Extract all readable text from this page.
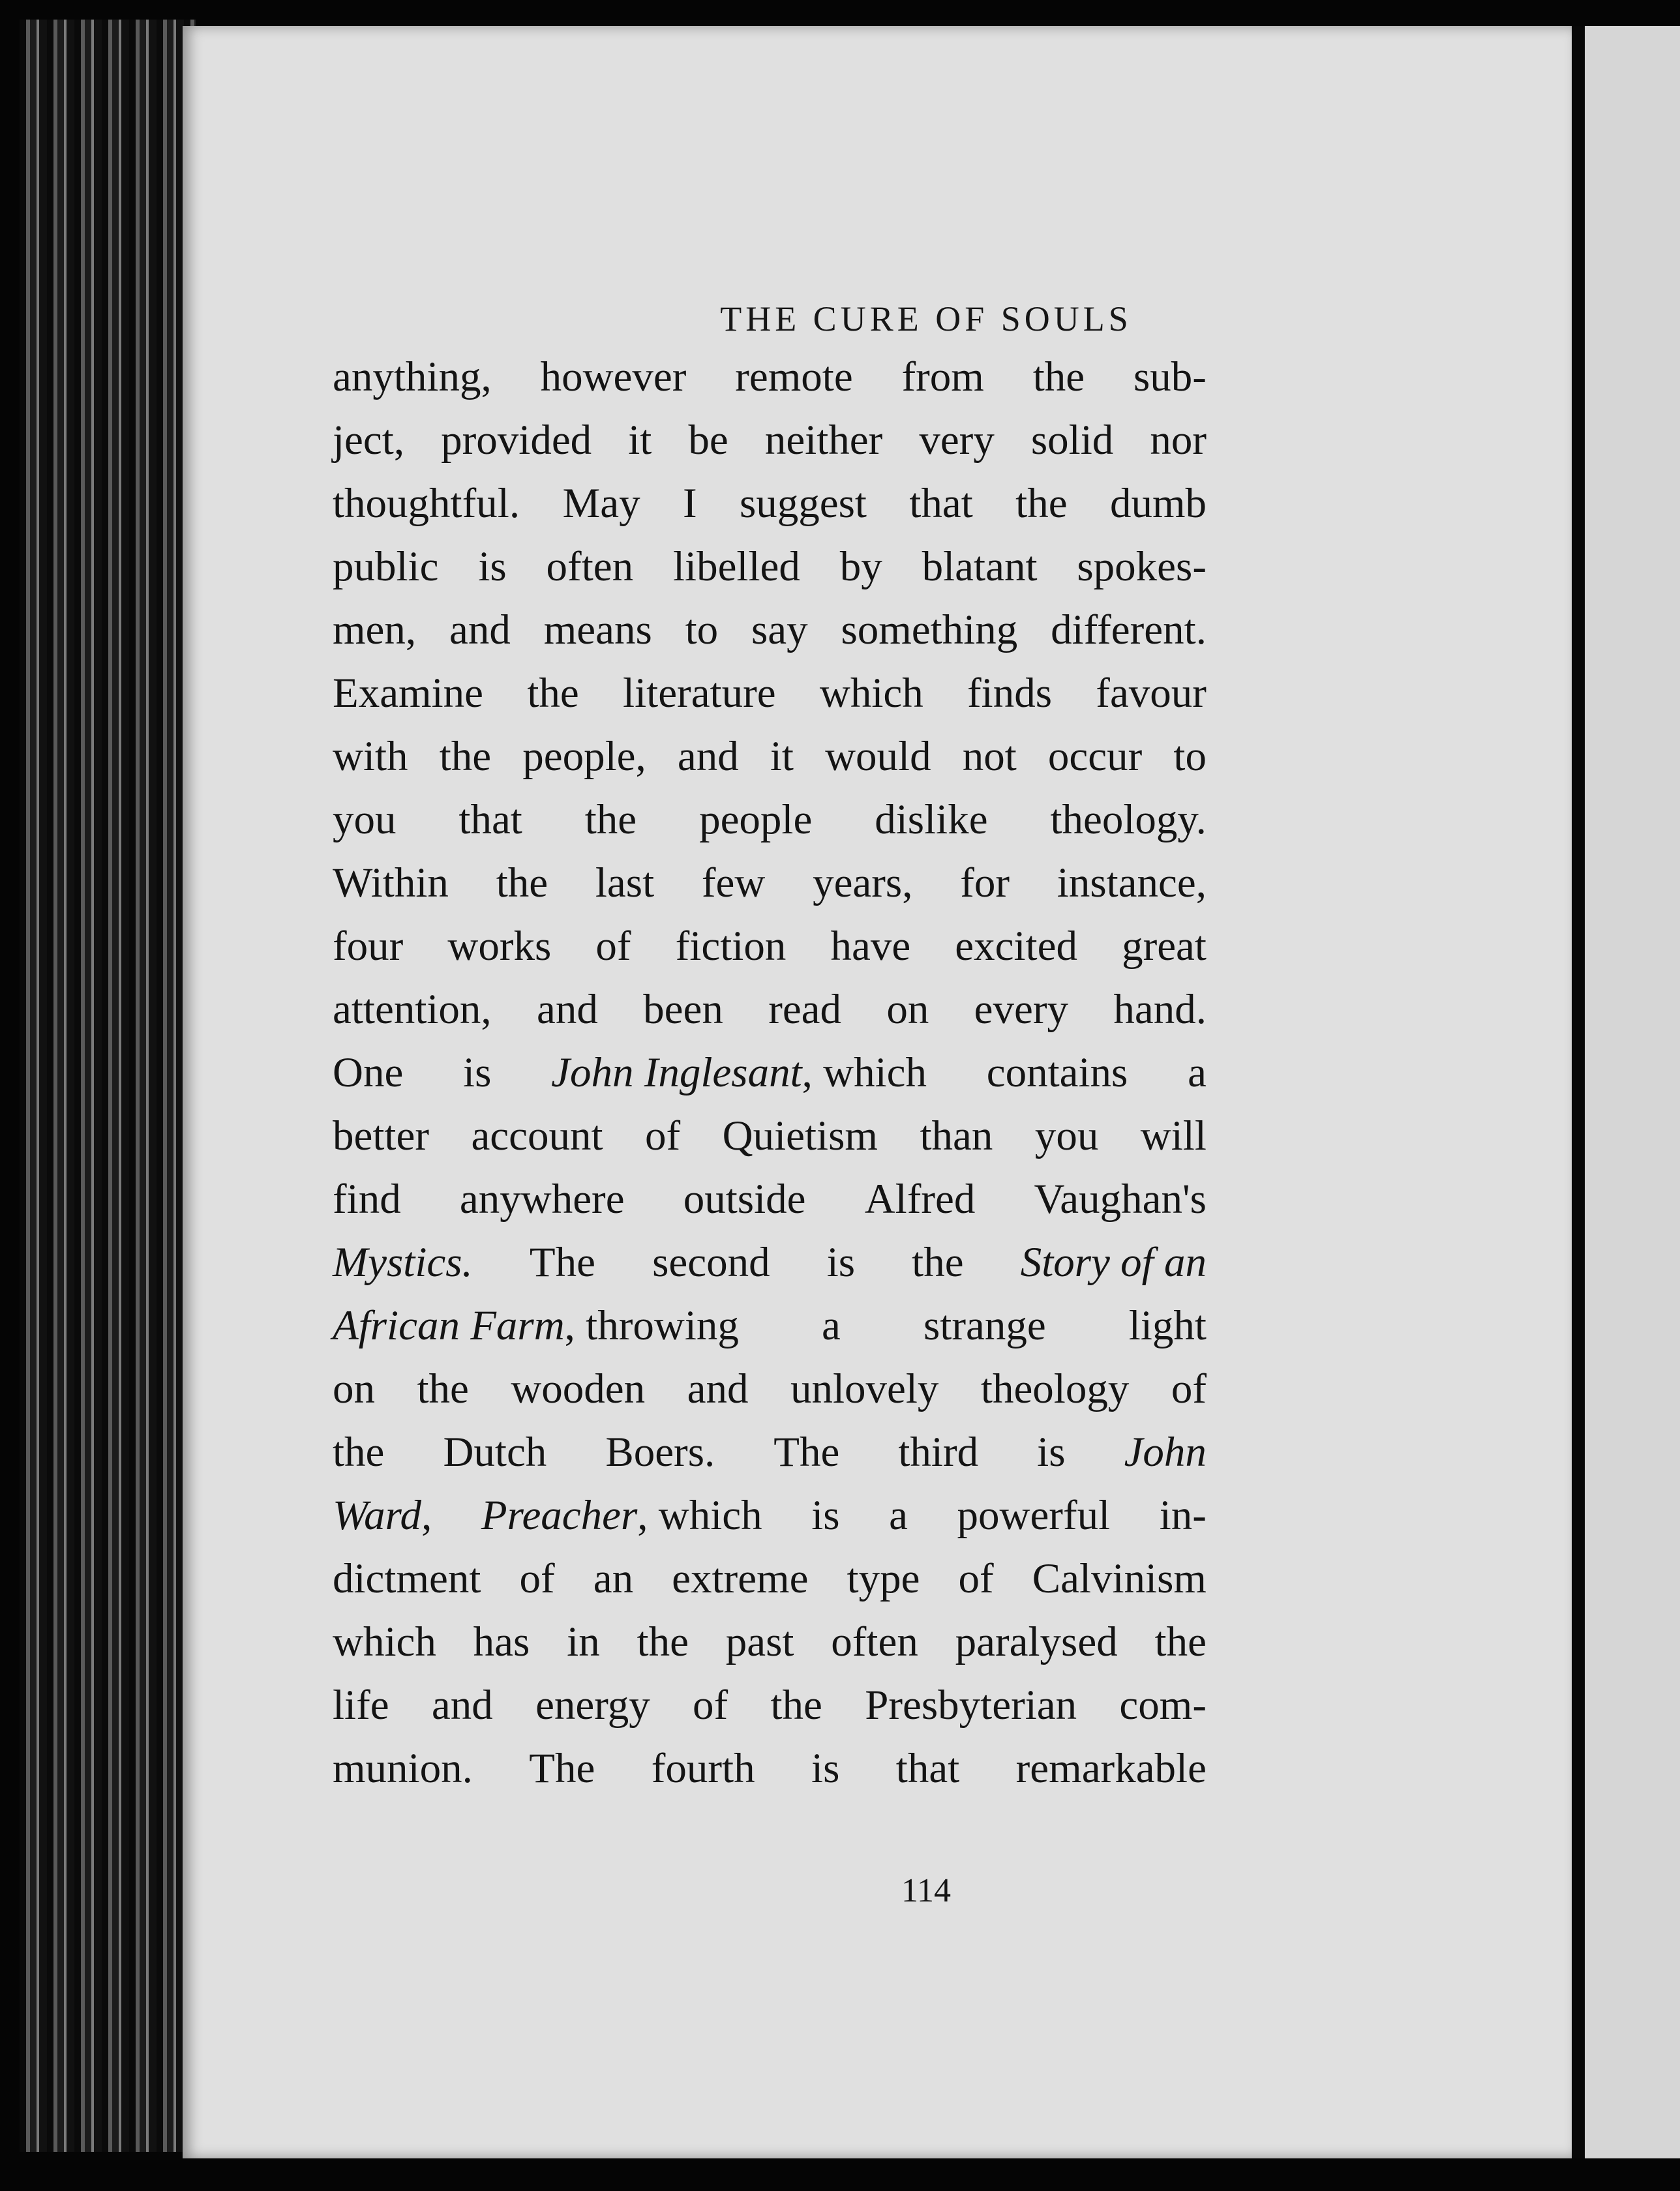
THE CURE OF SOULS
114
anything, however remote from the sub-
ject, provided it be neither very solid nor
thoughtful. May I suggest that the dumb
public is often libelled by blatant spokes-
men, and means to say something different.
Examine the literature which finds favour
with the people, and it would not occur to
you that the people dislike theology.
Within the last few years, for instance,
four works of fiction have excited great
attention, and been read on every hand.
One is John Inglesant, which contains a
better account of Quietism than you will
find anywhere outside Alfred Vaughan's
Mystics. The second is the Story of an
African Farm, throwing a strange light
on the wooden and unlovely theology of
the Dutch Boers. The third is John
Ward, Preacher, which is a powerful in-
dictment of an extreme type of Calvinism
which has in the past often paralysed the
life and energy of the Presbyterian com-
munion. The fourth is that remarkable
